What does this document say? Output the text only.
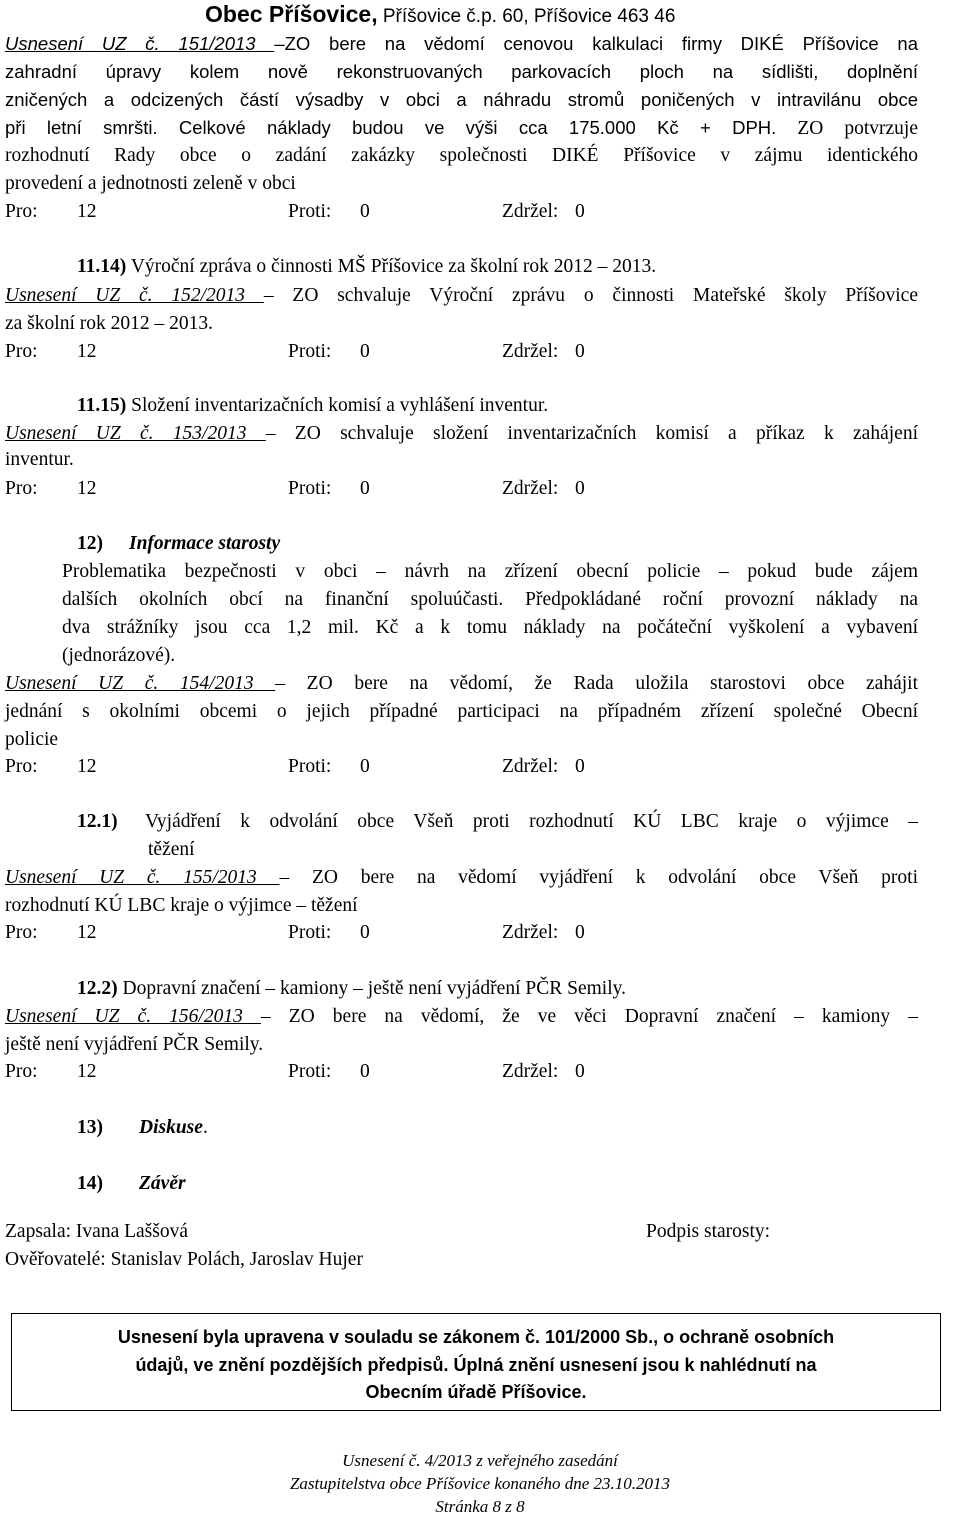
Obec Příšovice, Příšovice č.p. 60, Příšovice 463 46
Usnesení UZ č. 151/2013 –ZO bere na vědomí cenovou kalkulaci firmy DIKÉ Příšovice na
zahradní úpravy kolem nově rekonstruovaných parkovacích ploch na sídlišti, doplnění
zničených a odcizených částí výsadby v obci a náhradu stromů poničených v intravilánu obce
při letní smršti. Celkové náklady budou ve výši cca 175.000 Kč + DPH. ZO potvrzuje
rozhodnutí Rady obce o zadání zakázky společnosti DIKÉ Příšovice v zájmu identického
provedení a jednotnosti zeleně v obci
Pro: 12	Proti: 0	Zdržel: 0
11.14) Výroční zpráva o činnosti MŠ Příšovice za školní rok 2012 – 2013.
Usnesení UZ č. 152/2013 – ZO schvaluje Výroční zprávu o činnosti Mateřské školy Příšovice
za školní rok 2012 – 2013.
Pro: 12	Proti: 0	Zdržel: 0
11.15) Složení inventarizačních komisí a vyhlášení inventur.
Usnesení UZ č. 153/2013 – ZO schvaluje složení inventarizačních komisí a příkaz k zahájení
inventur.
Pro: 12	Proti: 0	Zdržel: 0
12) Informace starosty
Problematika bezpečnosti v obci – návrh na zřízení obecní policie – pokud bude zájem
dalších okolních obcí na finanční spoluúčasti. Předpokládané roční provozní náklady na
dva strážníky jsou cca 1,2 mil. Kč a k tomu náklady na počáteční vyškolení a vybavení
(jednorázové).
Usnesení UZ č. 154/2013 – ZO bere na vědomí, že Rada uložila starostovi obce zahájit
jednání s okolními obcemi o jejich případné participaci na případném zřízení společné Obecní
policie
Pro: 12	Proti: 0	Zdržel: 0
12.1) Vyjádření k odvolání obce Všeň proti rozhodnutí KÚ LBC kraje o výjimce –
těžení
Usnesení UZ č. 155/2013 – ZO bere na vědomí vyjádření k odvolání obce Všeň proti
rozhodnutí KÚ LBC kraje o výjimce – těžení
Pro: 12	Proti: 0	Zdržel: 0
12.2) Dopravní značení – kamiony – ještě není vyjádření PČR Semily.
Usnesení UZ č. 156/2013 – ZO bere na vědomí, že ve věci Dopravní značení – kamiony –
ještě není vyjádření PČR Semily.
Pro: 12	Proti: 0	Zdržel: 0
13) Diskuse.
14) Závěr
Zapsala: Ivana Laššová	Podpis starosty:
Ověřovatelé: Stanislav Polách, Jaroslav Hujer
Usnesení byla upravena v souladu se zákonem č. 101/2000 Sb., o ochraně osobních
údajů, ve znění pozdějších předpisů. Úplná znění usnesení jsou k nahlédnutí na
Obecním úřadě Příšovice.
Usnesení č. 4/2013 z veřejného zasedání
Zastupitelstva obce Příšovice konaného dne 23.10.2013
Stránka 8 z 8
